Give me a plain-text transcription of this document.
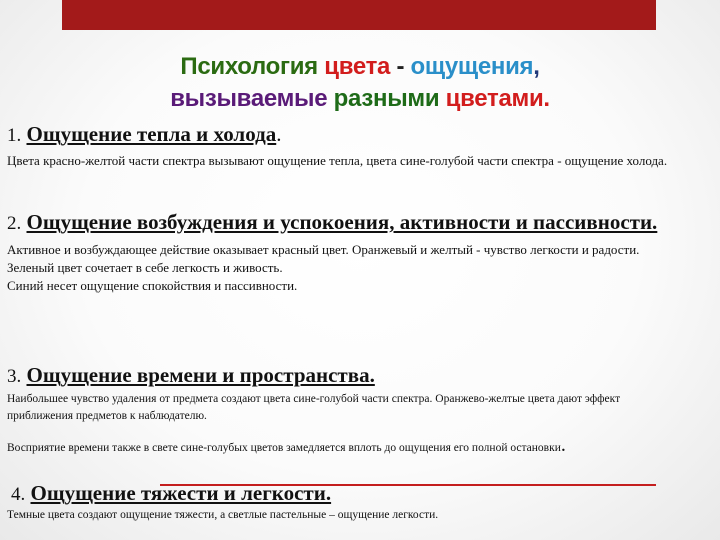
Психология цвета - ощущения,
вызываемые разными цветами.
1. Ощущение тепла и холода.
Цвета красно-желтой части спектра вызывают ощущение тепла, цвета сине-голубой части спектра - ощущение холода.
2. Ощущение возбуждения и успокоения, активности и пассивности.
Активное и возбуждающее действие оказывает красный цвет. Оранжевый и желтый - чувство легкости и радости.
Зеленый цвет сочетает в себе легкость и живость.
Синий несет ощущение спокойствия и пассивности.
3. Ощущение времени и пространства.
Наибольшее чувство удаления от предмета создают цвета сине-голубой части спектра. Оранжево-желтые цвета дают эффект приближения предметов к наблюдателю.
Восприятие времени также в свете сине-голубых цветов замедляется вплоть до ощущения его полной остановки.
4. Ощущение тяжести и легкости.
Темные цвета создают ощущение тяжести, а светлые пастельные – ощущение легкости.
